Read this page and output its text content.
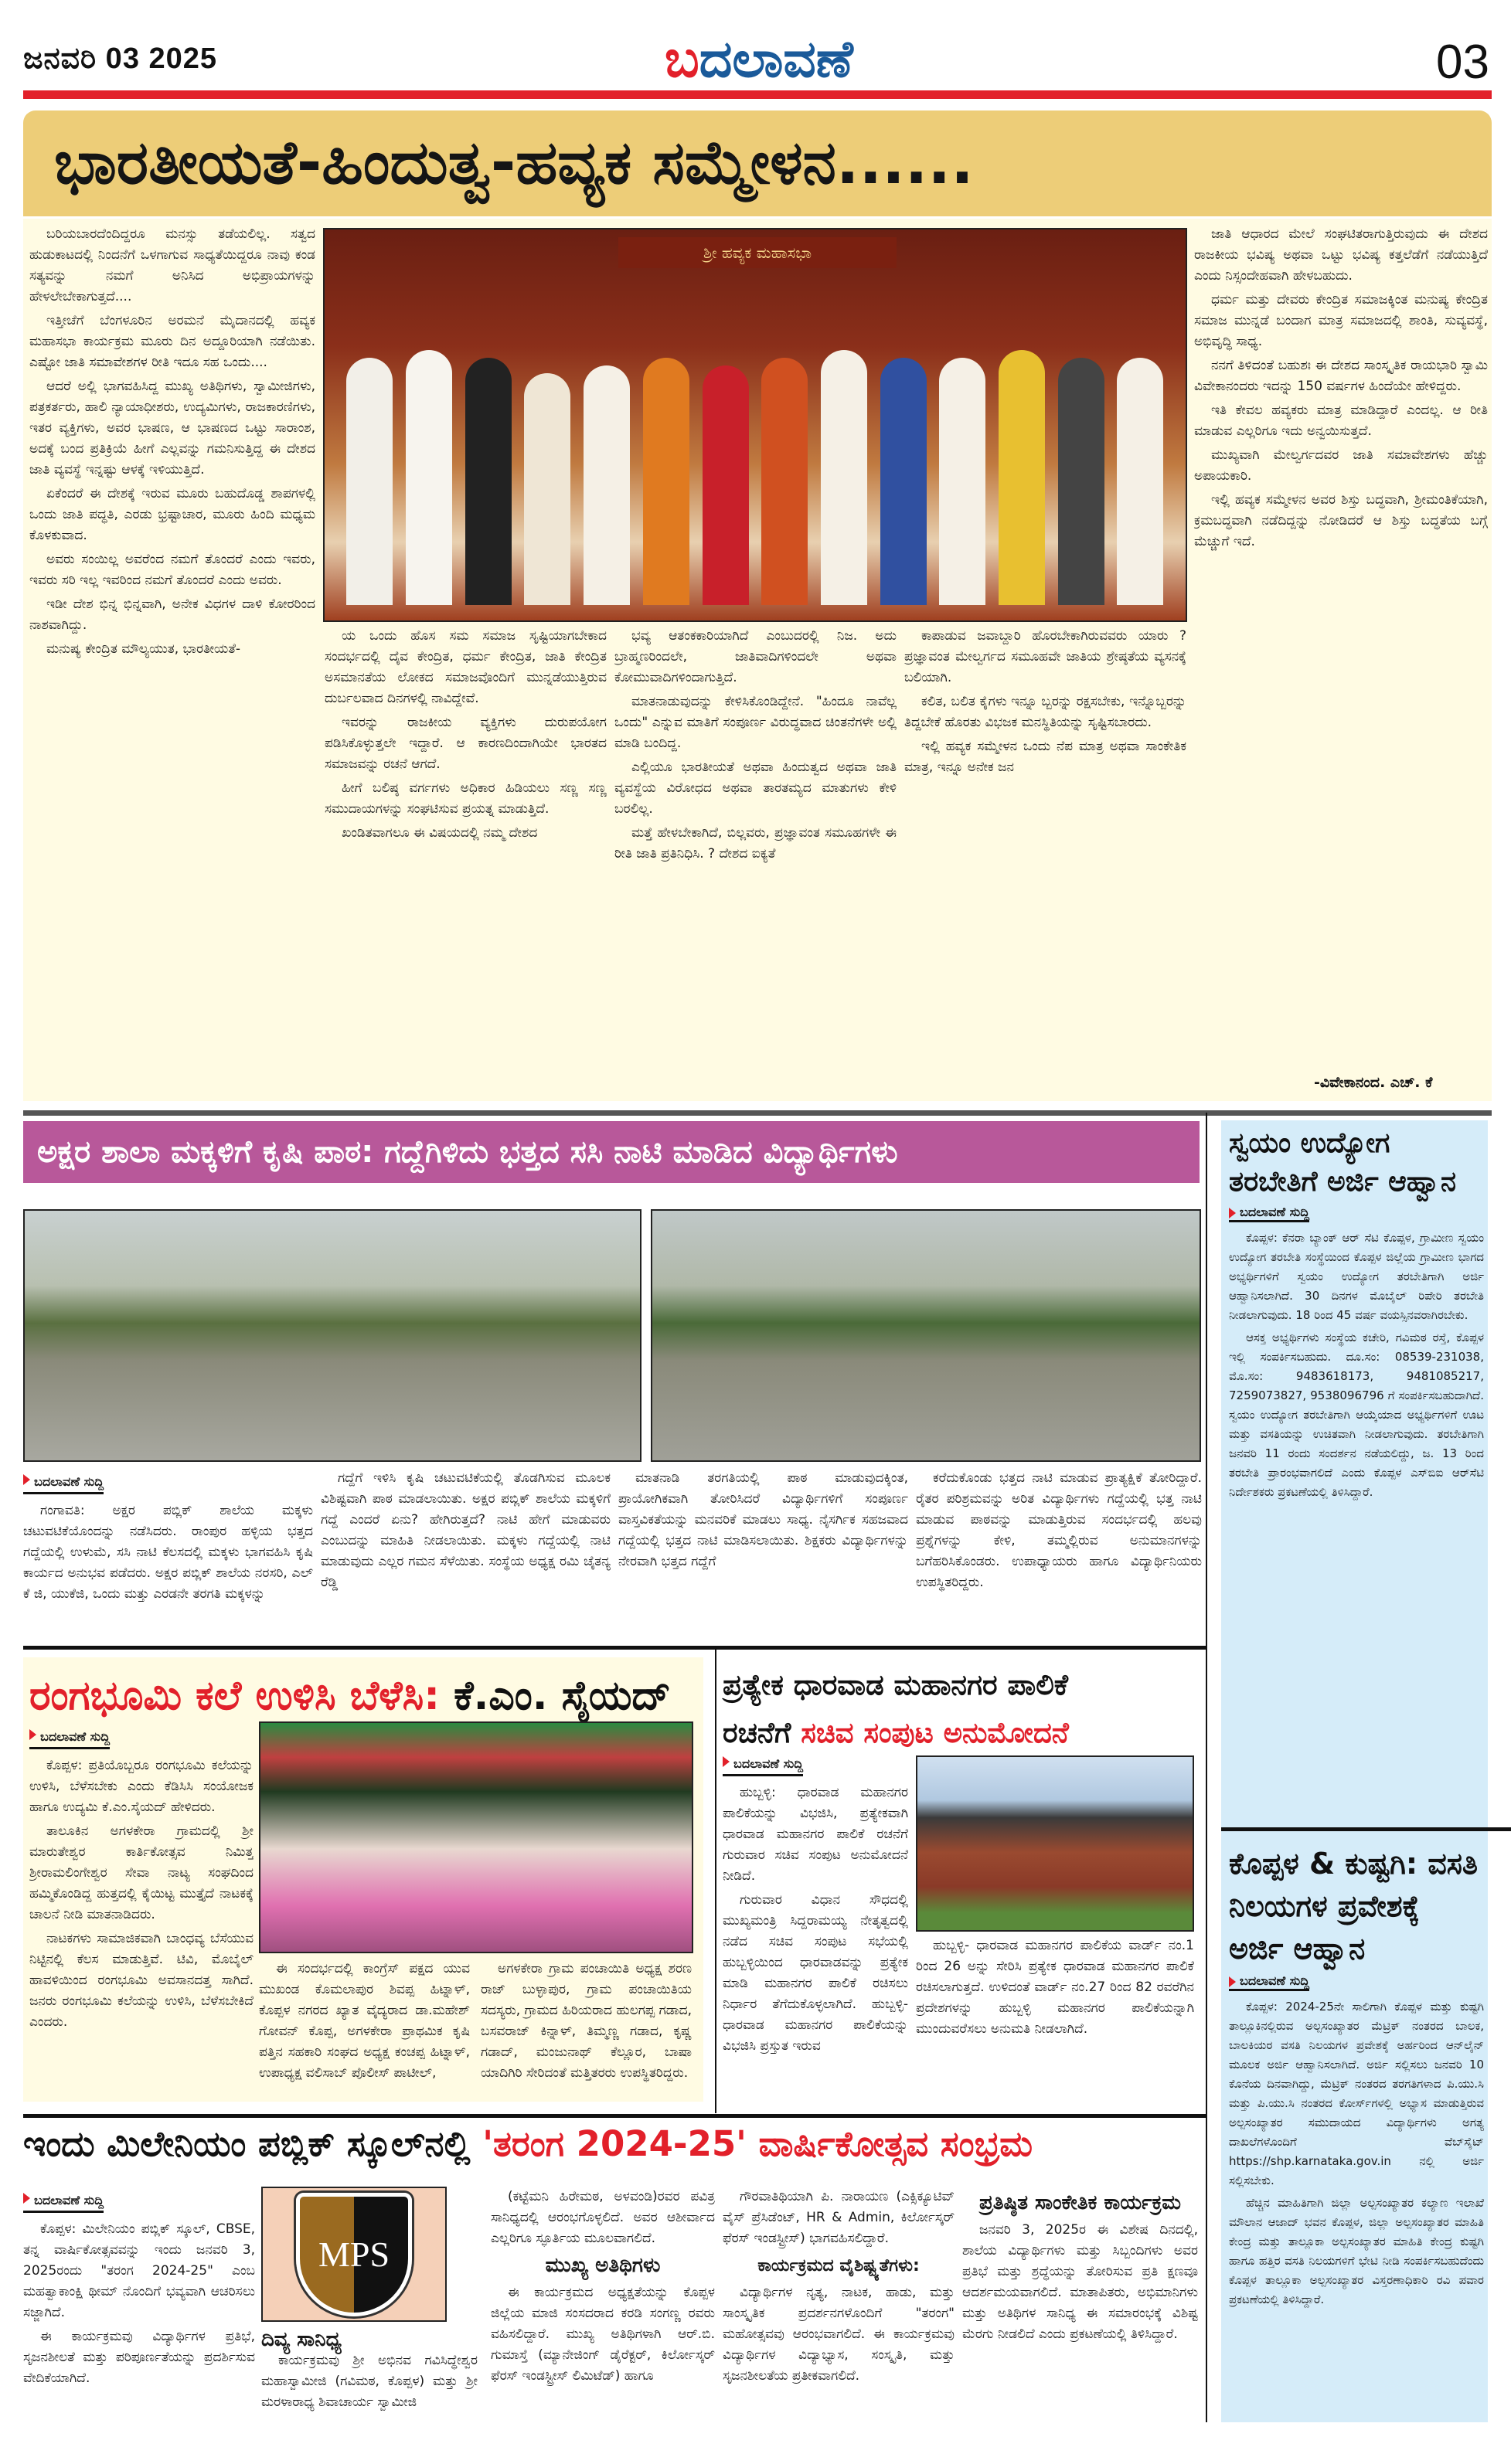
ಜನವರಿ 03 2025	ಬದಲಾವಣೆ	03
ಭಾರತೀಯತೆ-ಹಿಂದುತ್ವ-ಹವ್ಯಕ ಸಮ್ಮೇಳನ......

ಬರಿಯಬಾರದೆಂದಿದ್ದರೂ ಮನಸ್ಸು ತಡೆಯಲಿಲ್ಲ. ಸತ್ವದ ಹುಡುಕಾಟದಲ್ಲಿ ನಿಂದನೆಗೆ ಒಳಗಾಗುವ ಸಾಧ್ಯತೆಯಿದ್ದರೂ ನಾವು ಕಂಡ ಸತ್ಯವನ್ನು ನಮಗೆ ಅನಿಸಿದ ಅಭಿಪ್ರಾಯಗಳನ್ನು ಹೇಳಲೇಬೇಕಾಗುತ್ತದೆ....

ಇತ್ತೀಚೆಗೆ ಬೆಂಗಳೂರಿನ ಅರಮನೆ ಮೈದಾನದಲ್ಲಿ ಹವ್ಯಕ ಮಹಾಸಭಾ ಕಾರ್ಯಕ್ರಮ ಮೂರು ದಿನ ಅದ್ದೂರಿಯಾಗಿ ನಡೆಯಿತು. ಎಷ್ಟೋ ಜಾತಿ ಸಮಾವೇಶಗಳ ರೀತಿ ಇದೂ ಸಹ ಒಂದು....

ಆದರೆ ಅಲ್ಲಿ ಭಾಗವಹಿಸಿದ್ದ ಮುಖ್ಯ ಅತಿಥಿಗಳು, ಸ್ವಾಮೀಜಿಗಳು, ಪತ್ರಕರ್ತರು, ಹಾಲಿ ನ್ಯಾಯಾಧೀಶರು, ಉದ್ಯಮಿಗಳು, ರಾಜಕಾರಣಿಗಳು, ಇತರ ವ್ಯಕ್ತಿಗಳು, ಅವರ ಭಾಷಣ, ಆ ಭಾಷಣದ ಒಟ್ಟು ಸಾರಾಂಶ, ಅದಕ್ಕೆ ಬಂದ ಪ್ರತಿಕ್ರಿಯೆ ಹೀಗೆ ಎಲ್ಲವನ್ನು ಗಮನಿಸುತ್ತಿದ್ದ ಈ ದೇಶದ ಜಾತಿ ವ್ಯವಸ್ಥೆ ಇನ್ನಷ್ಟು ಆಳಕ್ಕೆ ಇಳಿಯುತ್ತಿದೆ.

ಏಕೆಂದರೆ ಈ ದೇಶಕ್ಕೆ ಇರುವ ಮೂರು ಬಹುದೊಡ್ಡ ಶಾಪಗಳಲ್ಲಿ ಒಂದು ಜಾತಿ ಪದ್ಧತಿ, ಎರಡು ಭ್ರಷ್ಟಾಚಾರ, ಮೂರು ಹಿಂದಿ ಮಧ್ಯಮ ಕೊಳಕುವಾದ.

ಅವರು ಸಂಯಿಲ್ಲ ಅವರೆಂದ ನಮಗೆ ತೊಂದರೆ ಎಂದು ಇವರು, ಇವರು ಸರಿ ಇಲ್ಲ ಇವರಿಂದ ನಮಗೆ ತೊಂದರೆ ಎಂದು ಅವರು.

ಇಡೀ ದೇಶ ಭಿನ್ನ ಭಿನ್ನವಾಗಿ, ಅನೇಕ ವಿಧಗಳ ದಾಳಿ ಕೋರರಿಂದ ನಾಶವಾಗಿದ್ದು.

ಮನುಷ್ಯ ಕೇಂದ್ರಿತ ಮೌಲ್ಯಯುತ, ಭಾರತೀಯತೆ-

ಶ್ರೀ ಹವ್ಯಕ ಮಹಾಸಭಾ

ಯ ಒಂದು ಹೊಸ ಸಮ ಸಮಾಜ ಸೃಷ್ಟಿಯಾಗಬೇಕಾದ ಸಂದರ್ಭದಲ್ಲಿ ದೈವ ಕೇಂದ್ರಿತ, ಧರ್ಮ ಕೇಂದ್ರಿತ, ಜಾತಿ ಕೇಂದ್ರಿತ ಅಸಮಾನತೆಯ ಲೋಕದ ಸಮಾಜವೊಂದಿಗೆ ಮುನ್ನಡೆಯುತ್ತಿರುವ ದುರ್ಬಲವಾದ ದಿನಗಳಲ್ಲಿ ನಾವಿದ್ದೇವೆ.

ಇವರನ್ನು ರಾಜಕೀಯ ವ್ಯಕ್ತಿಗಳು ದುರುಪಯೋಗ ಪಡಿಸಿಕೊಳ್ಳುತ್ತಲೇ ಇದ್ದಾರೆ. ಆ ಕಾರಣದಿಂದಾಗಿಯೇ ಭಾರತದ ಸಮಾಜವನ್ನು ರಚನೆ ಆಗದೆ.

ಹೀಗೆ ಬಲಿಷ್ಠ ವರ್ಗಗಳು ಅಧಿಕಾರ ಹಿಡಿಯಲು ಸಣ್ಣ ಸಣ್ಣ ಸಮುದಾಯಗಳನ್ನು ಸಂಘಟಿಸುವ ಪ್ರಯತ್ನ ಮಾಡುತ್ತಿದೆ.

ಖಂಡಿತವಾಗಲೂ ಈ ವಿಷಯದಲ್ಲಿ ನಮ್ಮ ದೇಶದ

ಭವ್ಯ ಆತಂಕಕಾರಿಯಾಗಿದೆ ಎಂಬುದರಲ್ಲಿ ನಿಜ. ಅದು ಬ್ರಾಹ್ಮಣರಿಂದಲೇ, ಜಾತಿವಾದಿಗಳಿಂದಲೇ ಅಥವಾ ಕೋಮುವಾದಿಗಳಿಂದಾಗುತ್ತಿದೆ.

ಮಾತನಾಡುವುದನ್ನು ಕೇಳಿಸಿಕೊಂಡಿದ್ದೇನೆ. "ಹಿಂದೂ ನಾವೆಲ್ಲ ಒಂದು" ಎನ್ನುವ ಮಾತಿಗೆ ಸಂಪೂರ್ಣ ವಿರುದ್ಧವಾದ ಚಿಂತನೆಗಳೇ ಅಲ್ಲಿ ಮಾಡಿ ಬಂದಿದ್ದ.

ಎಲ್ಲಿಯೂ ಭಾರತೀಯತೆ ಅಥವಾ ಹಿಂದುತ್ವದ ಅಥವಾ ಜಾತಿ ವ್ಯವಸ್ಥೆಯ ವಿರೋಧದ ಅಥವಾ ತಾರತಮ್ಯದ ಮಾತುಗಳು ಕೇಳಿ ಬರಲಿಲ್ಲ.

ಮತ್ತೆ ಹೇಳಬೇಕಾಗಿದೆ, ಬಿಲ್ಲವರು, ಪ್ರಜ್ಞಾವಂತ ಸಮೂಹಗಳೇ ಈ ರೀತಿ ಜಾತಿ ಪ್ರತಿನಿಧಿಸಿ. ? ದೇಶದ ಐಕ್ಯತೆ

ಕಾಪಾಡುವ ಜವಾಬ್ದಾರಿ ಹೊರಬೇಕಾಗಿರುವವರು ಯಾರು ? ಪ್ರಜ್ಞಾವಂತ ಮೇಲ್ವರ್ಗದ ಸಮೂಹವೇ ಜಾತಿಯ ಶ್ರೇಷ್ಠತೆಯ ವ್ಯಸನಕ್ಕೆ ಬಲಿಯಾಗಿ.

ಕಲಿತ, ಬಲಿತ ಕೈಗಳು ಇನ್ನೂ ಬ್ಬರನ್ನು ರಕ್ಷಸಬೇಕು, ಇನ್ನೊಬ್ಬರನ್ನು ತಿದ್ದಬೇಕೆ ಹೊರತು ವಿಭಜಕ ಮನಸ್ಥಿತಿಯನ್ನು ಸೃಷ್ಟಿಸಬಾರದು.

ಇಲ್ಲಿ ಹವ್ಯಕ ಸಮ್ಮೇಳನ ಒಂದು ನೆಪ ಮಾತ್ರ ಅಥವಾ ಸಾಂಕೇತಿಕ ಮಾತ್ರ, ಇನ್ನೂ ಅನೇಕ ಜನ

ಜಾತಿ ಆಧಾರದ ಮೇಲೆ ಸಂಘಟಿತರಾಗುತ್ತಿರುವುದು ಈ ದೇಶದ ರಾಜಕೀಯ ಭವಿಷ್ಯ ಅಥವಾ ಒಟ್ಟು ಭವಿಷ್ಯ ಕತ್ತಲೆಡೆಗೆ ನಡೆಯುತ್ತಿದೆ ಎಂದು ನಿಸ್ಸಂದೇಹವಾಗಿ ಹೇಳಬಹುದು.

ಧರ್ಮ ಮತ್ತು ದೇವರು ಕೇಂದ್ರಿತ ಸಮಾಜಕ್ಕಿಂತ ಮನುಷ್ಯ ಕೇಂದ್ರಿತ ಸಮಾಜ ಮುನ್ನಡೆ ಬಂದಾಗ ಮಾತ್ರ ಸಮಾಜದಲ್ಲಿ ಶಾಂತಿ, ಸುವ್ಯವಸ್ಥೆ, ಅಭಿವೃದ್ಧಿ ಸಾಧ್ಯ.

ನನಗೆ ತಿಳಿದಂತೆ ಬಹುಶಃ ಈ ದೇಶದ ಸಾಂಸ್ಕೃತಿಕ ರಾಯಭಾರಿ ಸ್ವಾಮಿ ವಿವೇಕಾನಂದರು ಇದನ್ನು 150 ವರ್ಷಗಳ ಹಿಂದೆಯೇ ಹೇಳಿದ್ದರು.

ಇತಿ ಕೇವಲ ಹವ್ಯಕರು ಮಾತ್ರ ಮಾಡಿದ್ದಾರೆ ಎಂದಲ್ಲ. ಆ ರೀತಿ ಮಾಡುವ ಎಲ್ಲರಿಗೂ ಇದು ಅನ್ವಯಿಸುತ್ತದೆ.

ಮುಖ್ಯವಾಗಿ ಮೇಲ್ವರ್ಗದವರ ಜಾತಿ ಸಮಾವೇಶಗಳು ಹೆಚ್ಚು ಅಪಾಯಕಾರಿ.

ಇಲ್ಲಿ ಹವ್ಯಕ ಸಮ್ಮೇಳನ ಅವರ ಶಿಸ್ತು ಬದ್ಧವಾಗಿ, ಶ್ರೀಮಂತಿಕೆಯಾಗಿ, ಕ್ರಮಬದ್ಧವಾಗಿ ನಡೆದಿದ್ದನ್ನು ನೋಡಿದರೆ ಆ ಶಿಸ್ತು ಬದ್ಧತೆಯ ಬಗ್ಗೆ ಮೆಚ್ಚುಗೆ ಇದೆ.

-ವಿವೇಕಾನಂದ. ಎಚ್. ಕೆ
ಅಕ್ಷರ ಶಾಲಾ ಮಕ್ಕಳಿಗೆ ಕೃಷಿ ಪಾಠ: ಗದ್ದೆಗಿಳಿದು ಭತ್ತದ ಸಸಿ ನಾಟಿ ಮಾಡಿದ ವಿದ್ಯಾರ್ಥಿಗಳು
ಬದಲಾವಣೆ ಸುದ್ದಿ

ಗಂಗಾವತಿ: ಅಕ್ಷರ ಪಬ್ಲಿಕ್ ಶಾಲೆಯ ಮಕ್ಕಳು ಚಟುವಟಿಕೆಯೊಂದನ್ನು ನಡೆಸಿದರು. ರಾಂಪುರ ಹಳ್ಳಿಯ ಭತ್ತದ ಗದ್ದೆಯಲ್ಲಿ ಉಳುಮೆ, ಸಸಿ ನಾಟಿ ಕೆಲಸದಲ್ಲಿ ಮಕ್ಕಳು ಭಾಗವಹಿಸಿ ಕೃಷಿ ಕಾರ್ಯದ ಅನುಭವ ಪಡೆದರು. ಅಕ್ಷರ ಪಬ್ಲಿಕ್ ಶಾಲೆಯ ನರಸರಿ, ಎಲ್ ಕೆ ಜಿ, ಯುಕೆಜಿ, ಒಂದು ಮತ್ತು ಎರಡನೇ ತರಗತಿ ಮಕ್ಕಳನ್ನು

ಗದ್ದೆಗೆ ಇಳಿಸಿ ಕೃಷಿ ಚಟುವಟಿಕೆಯಲ್ಲಿ ತೊಡಗಿಸುವ ಮೂಲಕ ವಿಶಿಷ್ಟವಾಗಿ ಪಾಠ ಮಾಡಲಾಯಿತು. ಅಕ್ಷರ ಪಬ್ಲಿಕ್ ಶಾಲೆಯ ಮಕ್ಕಳಿಗೆ ಗದ್ದೆ ಎಂದರೆ ಏನು? ಹೇಗಿರುತ್ತದೆ? ನಾಟಿ ಹೇಗೆ ಮಾಡುವರು ಎಂಬುದನ್ನು ಮಾಹಿತಿ ನೀಡಲಾಯಿತು. ಮಕ್ಕಳು ಗದ್ದೆಯಲ್ಲಿ ನಾಟಿ ಮಾಡುವುದು ಎಲ್ಲರ ಗಮನ ಸೆಳೆಯಿತು. ಸಂಸ್ಥೆಯ ಅಧ್ಯಕ್ಷ ರಮಿ ಚೈತನ್ಯ ರೆಡ್ಡಿ

ಮಾತನಾಡಿ ತರಗತಿಯಲ್ಲಿ ಪಾಠ ಮಾಡುವುದಕ್ಕಿಂತ, ಪ್ರಾಯೋಗಿಕವಾಗಿ ತೋರಿಸಿದರೆ ವಿದ್ಯಾರ್ಥಿಗಳಿಗೆ ಸಂಪೂರ್ಣ ವಾಸ್ತವಿಕತೆಯನ್ನು ಮನವರಿಕೆ ಮಾಡಲು ಸಾಧ್ಯ. ನೈಸರ್ಗಿಕ ಸಹಜವಾದ ಗದ್ದೆಯಲ್ಲಿ ಭತ್ತದ ನಾಟಿ ಮಾಡಿಸಲಾಯಿತು. ಶಿಕ್ಷಕರು ವಿದ್ಯಾರ್ಥಿಗಳನ್ನು ನೇರವಾಗಿ ಭತ್ತದ ಗದ್ದೆಗೆ

ಕರೆದುಕೊಂಡು ಭತ್ತದ ನಾಟಿ ಮಾಡುವ ಪ್ರಾತ್ಯಕ್ಷಿಕೆ ತೋರಿದ್ದಾರೆ. ರೈತರ ಪರಿಶ್ರಮವನ್ನು ಅರಿತ ವಿದ್ಯಾರ್ಥಿಗಳು ಗದ್ದೆಯಲ್ಲಿ ಭತ್ತ ನಾಟಿ ಮಾಡುವ ಪಾಠವನ್ನು ಮಾಡುತ್ತಿರುವ ಸಂದರ್ಭದಲ್ಲಿ ಹಲವು ಪ್ರಶ್ನೆಗಳನ್ನು ಕೇಳಿ, ತಮ್ಮಲ್ಲಿರುವ ಅನುಮಾನಗಳನ್ನು ಬಗೆಹರಿಸಿಕೊಂಡರು. ಉಪಾಧ್ಯಾಯರು ಹಾಗೂ ವಿದ್ಯಾರ್ಥಿನಿಯರು ಉಪಸ್ಥಿತರಿದ್ದರು.

ಸ್ವಯಂ ಉದ್ಯೋಗ ತರಬೇತಿಗೆ ಅರ್ಜಿ ಆಹ್ವಾನ
ಬದಲಾವಣೆ ಸುದ್ದಿ

ಕೊಪ್ಪಳ: ಕೆನರಾ ಬ್ಯಾಂಕ್ ಆರ್ ಸೆಟಿ ಕೊಪ್ಪಳ, ಗ್ರಾಮೀಣ ಸ್ವಯಂ ಉದ್ಯೋಗ ತರಬೇತಿ ಸಂಸ್ಥೆಯಿಂದ ಕೊಪ್ಪಳ ಜಿಲ್ಲೆಯ ಗ್ರಾಮೀಣ ಭಾಗದ ಅಭ್ಯರ್ಥಿಗಳಿಗೆ ಸ್ವಯಂ ಉದ್ಯೋಗ ತರಬೇತಿಗಾಗಿ ಅರ್ಜಿ ಆಹ್ವಾನಿಸಲಾಗಿದೆ. 30 ದಿನಗಳ ಮೊಬೈಲ್ ರಿಪೇರಿ ತರಬೇತಿ ನೀಡಲಾಗುವುದು. 18 ರಿಂದ 45 ವರ್ಷ ವಯಸ್ಸಿನವರಾಗಿರಬೇಕು.

ಆಸಕ್ತ ಅಭ್ಯರ್ಥಿಗಳು ಸಂಸ್ಥೆಯ ಕಚೇರಿ, ಗವಿಮಠ ರಸ್ತೆ, ಕೊಪ್ಪಳ ಇಲ್ಲಿ ಸಂಪರ್ಕಿಸಬಹುದು. ದೂ.ಸಂ: 08539-231038, ಮೊ.ಸಂ: 9483618173, 9481085217, 7259073827, 9538096796 ಗೆ ಸಂಪರ್ಕಿಸಬಹುದಾಗಿದೆ. ಸ್ವಯಂ ಉದ್ಯೋಗ ತರಬೇತಿಗಾಗಿ ಆಯ್ಕೆಯಾದ ಅಭ್ಯರ್ಥಿಗಳಿಗೆ ಊಟ ಮತ್ತು ವಸತಿಯನ್ನು ಉಚಿತವಾಗಿ ನೀಡಲಾಗುವುದು. ತರಬೇತಿಗಾಗಿ ಜನವರಿ 11 ರಂದು ಸಂದರ್ಶನ ನಡೆಯಲಿದ್ದು, ಜ. 13 ರಿಂದ ತರಬೇತಿ ಪ್ರಾರಂಭವಾಗಲಿದೆ ಎಂದು ಕೊಪ್ಪಳ ಎಸ್‌ಬಿಐ ಆರ್‌ಸೆಟಿ ನಿರ್ದೇಶಕರು ಪ್ರಕಟಣೆಯಲ್ಲಿ ತಿಳಿಸಿದ್ದಾರೆ.

ಕೊಪ್ಪಳ & ಕುಷ್ಟಗಿ: ವಸತಿ ನಿಲಯಗಳ ಪ್ರವೇಶಕ್ಕೆ ಅರ್ಜಿ ಆಹ್ವಾನ
ಬದಲಾವಣೆ ಸುದ್ದಿ

ಕೊಪ್ಪಳ: 2024-25ನೇ ಸಾಲಿಗಾಗಿ ಕೊಪ್ಪಳ ಮತ್ತು ಕುಷ್ಟಗಿ ತಾಲ್ಲೂಕಿನಲ್ಲಿರುವ ಅಲ್ಪಸಂಖ್ಯಾತರ ಮೆಟ್ರಿಕ್ ನಂತರದ ಬಾಲಕ, ಬಾಲಕಿಯರ ವಸತಿ ನಿಲಯಗಳ ಪ್ರವೇಶಕ್ಕೆ ಅರ್ಹರಿಂದ ಆನ್‌ಲೈನ್ ಮೂಲಕ ಅರ್ಜಿ ಆಹ್ವಾನಿಸಲಾಗಿದೆ. ಅರ್ಜಿ ಸಲ್ಲಿಸಲು ಜನವರಿ 10 ಕೊನೆಯ ದಿನವಾಗಿದ್ದು, ಮೆಟ್ರಿಕ್ ನಂತರದ ತರಗತಿಗಳಾದ ಪಿ.ಯು.ಸಿ ಮತ್ತು ಪಿ.ಯು.ಸಿ ನಂತರದ ಕೋರ್ಸ್‌ಗಳಲ್ಲಿ ಅಭ್ಯಾಸ ಮಾಡುತ್ತಿರುವ ಅಲ್ಪಸಂಖ್ಯಾತರ ಸಮುದಾಯದ ವಿದ್ಯಾರ್ಥಿಗಳು ಅಗತ್ಯ ದಾಖಲೆಗಳೊಂದಿಗೆ ವೆಬ್‌ಸೈಟ್ https://shp.karnataka.gov.in ನಲ್ಲಿ ಅರ್ಜಿ ಸಲ್ಲಿಸಬೇಕು.

ಹೆಚ್ಚಿನ ಮಾಹಿತಿಗಾಗಿ ಜಿಲ್ಲಾ ಅಲ್ಪಸಂಖ್ಯಾತರ ಕಲ್ಯಾಣ ಇಲಾಖೆ ಮೌಲಾನ ಆಜಾದ್ ಭವನ ಕೊಪ್ಪಳ, ಜಿಲ್ಲಾ ಅಲ್ಪಸಂಖ್ಯಾತರ ಮಾಹಿತಿ ಕೇಂದ್ರ ಮತ್ತು ತಾಲ್ಲೂಕಾ ಅಲ್ಪಸಂಖ್ಯಾತರ ಮಾಹಿತಿ ಕೇಂದ್ರ ಕುಷ್ಟಗಿ ಹಾಗೂ ಹತ್ತಿರ ವಸತಿ ನಿಲಯಗಳಿಗೆ ಭೇಟಿ ನೀಡಿ ಸಂಪರ್ಕಿಸಬಹುದೆಂದು ಕೊಪ್ಪಳ ತಾಲ್ಲೂಕಾ ಅಲ್ಪಸಂಖ್ಯಾತರ ವಿಸ್ತರಣಾಧಿಕಾರಿ ರವಿ ಪವಾರ ಪ್ರಕಟಣೆಯಲ್ಲಿ ತಿಳಿಸಿದ್ದಾರೆ.

ರಂಗಭೂಮಿ ಕಲೆ ಉಳಿಸಿ ಬೆಳೆಸಿ: ಕೆ.ಎಂ. ಸೈಯದ್
ಬದಲಾವಣೆ ಸುದ್ದಿ

ಕೊಪ್ಪಳ: ಪ್ರತಿಯೊಬ್ಬರೂ ರಂಗಭೂಮಿ ಕಲೆಯನ್ನು ಉಳಿಸಿ, ಬೆಳೆಸಬೇಕು ಎಂದು ಕೆಡಿಸಿಸಿ ಸಂಯೋಜಕ ಹಾಗೂ ಉದ್ಯಮಿ ಕೆ.ಎಂ.ಸೈಯದ್ ಹೇಳಿದರು.

ತಾಲೂಕಿನ ಅಗಳಕೇರಾ ಗ್ರಾಮದಲ್ಲಿ ಶ್ರೀ ಮಾರುತೇಶ್ವರ ಕಾರ್ತಿಕೋತ್ಸವ ನಿಮಿತ್ತ ಶ್ರೀರಾಮಲಿಂಗೇಶ್ವರ ಸೇವಾ ನಾಟ್ಯ ಸಂಘದಿಂದ ಹಮ್ಮಿಕೊಂಡಿದ್ದ ಹುತ್ತದಲ್ಲಿ ಕೈಯಿಟ್ಟ ಮುತ್ತೈದೆ ನಾಟಕಕ್ಕೆ ಚಾಲನೆ ನೀಡಿ ಮಾತನಾಡಿದರು.

ನಾಟಕಗಳು ಸಾಮಾಜಿಕವಾಗಿ ಬಾಂಧವ್ಯ ಬೆಸೆಯುವ ನಿಟ್ಟಿನಲ್ಲಿ ಕೆಲಸ ಮಾಡುತ್ತಿವೆ. ಟಿವಿ, ಮೊಬೈಲ್ ಹಾವಳಿಯಿಂದ ರಂಗಭೂಮಿ ಅವಸಾನದತ್ತ ಸಾಗಿದೆ. ಜನರು ರಂಗಭೂಮಿ ಕಲೆಯನ್ನು ಉಳಿಸಿ, ಬೆಳೆಸಬೇಕಿದೆ ಎಂದರು.

ಈ ಸಂದರ್ಭದಲ್ಲಿ ಕಾಂಗ್ರೆಸ್ ಪಕ್ಷದ ಯುವ ಮುಖಂಡ ಕೊಮಲಾಪುರ ಶಿವಪ್ಪ ಹಿಟ್ನಾಳ್, ಕೊಪ್ಪಳ ನಗರದ ಖ್ಯಾತ ವೈದ್ಯರಾದ ಡಾ.ಮಹೇಶ್ ಗೋವನ್ ಕೊಪ್ಪ, ಅಗಳಕೇರಾ ಪ್ರಾಥಮಿಕ ಕೃಷಿ ಪತ್ತಿನ ಸಹಕಾರಿ ಸಂಘದ ಅಧ್ಯಕ್ಷ ಕಂಚಪ್ಪ ಹಿಟ್ನಾಳ್, ಉಪಾಧ್ಯಕ್ಷ ವಲಿಸಾಬ್ ಪೊಲೀಸ್ ಪಾಟೀಲ್,

ಅಗಳಕೇರಾ ಗ್ರಾಮ ಪಂಚಾಯಿತಿ ಅಧ್ಯಕ್ಷ ಶರಣ ರಾಜ್ ಬುಳ್ಳಾಪುರ, ಗ್ರಾಮ ಪಂಚಾಯಿತಿಯ ಸದಸ್ಯರು, ಗ್ರಾಮದ ಹಿರಿಯರಾದ ಹುಲಗಪ್ಪ ಗಡಾದ, ಬಸವರಾಜ್ ಕಿನ್ನಾಳ್, ತಿಮ್ಮಣ್ಣ ಗಡಾದ, ಕೃಷ್ಣ ಗಡಾದ್, ಮಂಜುನಾಥ್ ಕೆಲ್ಲೂರ, ಬಾಷಾ ಯಾದಿಗಿರಿ ಸೇರಿದಂತೆ ಮತ್ತಿತರರು ಉಪಸ್ಥಿತರಿದ್ದರು.

ಪ್ರತ್ಯೇಕ ಧಾರವಾಡ ಮಹಾನಗರ ಪಾಲಿಕೆ
ರಚನೆಗೆ ಸಚಿವ ಸಂಪುಟ ಅನುಮೋದನೆ
ಬದಲಾವಣೆ ಸುದ್ದಿ

ಹುಬ್ಬಳ್ಳಿ: ಧಾರವಾಡ ಮಹಾನಗರ ಪಾಲಿಕೆಯನ್ನು ವಿಭಜಿಸಿ, ಪ್ರತ್ಯೇಕವಾಗಿ ಧಾರವಾಡ ಮಹಾನಗರ ಪಾಲಿಕೆ ರಚನೆಗೆ ಗುರುವಾರ ಸಚಿವ ಸಂಪುಟ ಅನುಮೋದನೆ ನೀಡಿದೆ.

ಗುರುವಾರ ವಿಧಾನ ಸೌಧದಲ್ಲಿ ಮುಖ್ಯಮಂತ್ರಿ ಸಿದ್ದರಾಮಯ್ಯ ನೇತೃತ್ವದಲ್ಲಿ ನಡೆದ ಸಚಿವ ಸಂಪುಟ ಸಭೆಯಲ್ಲಿ ಹುಬ್ಬಳ್ಳಿಯಿಂದ ಧಾರವಾಡವನ್ನು ಪ್ರತ್ಯೇಕ ಮಾಡಿ ಮಹಾನಗರ ಪಾಲಿಕೆ ರಚಿಸಲು ನಿರ್ಧಾರ ತೆಗೆದುಕೊಳ್ಳಲಾಗಿದೆ. ಹುಬ್ಬಳ್ಳಿ-ಧಾರವಾಡ ಮಹಾನಗರ ಪಾಲಿಕೆಯನ್ನು ವಿಭಜಿಸಿ ಪ್ರಸ್ತುತ ಇರುವ

ಹುಬ್ಬಳ್ಳಿ- ಧಾರವಾಡ ಮಹಾನಗರ ಪಾಲಿಕೆಯ ವಾರ್ಡ್ ನಂ.1 ರಿಂದ 26 ಅನ್ನು ಸೇರಿಸಿ ಪ್ರತ್ಯೇಕ ಧಾರವಾಡ ಮಹಾನಗರ ಪಾಲಿಕೆ ರಚಿಸಲಾಗುತ್ತದೆ. ಉಳಿದಂತೆ ವಾರ್ಡ್ ನಂ.27 ರಿಂದ 82 ರವರೆಗಿನ ಪ್ರದೇಶಗಳನ್ನು ಹುಬ್ಬಳ್ಳಿ ಮಹಾನಗರ ಪಾಲಿಕೆಯನ್ನಾಗಿ ಮುಂದುವರೆಸಲು ಅನುಮತಿ ನೀಡಲಾಗಿದೆ.

ಇಂದು ಮಿಲೇನಿಯಂ ಪಬ್ಲಿಕ್ ಸ್ಕೂಲ್‌ನಲ್ಲಿ 'ತರಂಗ 2024-25' ವಾರ್ಷಿಕೋತ್ಸವ ಸಂಭ್ರಮ
ಬದಲಾವಣೆ ಸುದ್ದಿ

ಕೊಪ್ಪಳ: ಮಿಲೇನಿಯಂ ಪಬ್ಲಿಕ್ ಸ್ಕೂಲ್, CBSE, ತನ್ನ ವಾರ್ಷಿಕೋತ್ಸವವನ್ನು ಇಂದು ಜನವರಿ 3, 2025ರಂದು "ತರಂಗ 2024-25" ಎಂಬ ಮಹತ್ವಾಕಾಂಕ್ಷಿ ಥೀಮ್ ನೊಂದಿಗೆ ಭವ್ಯವಾಗಿ ಆಚರಿಸಲು ಸಜ್ಜಾಗಿದೆ.

ಈ ಕಾರ್ಯಕ್ರಮವು ವಿದ್ಯಾರ್ಥಿಗಳ ಪ್ರತಿಭೆ, ಸೃಜನಶೀಲತೆ ಮತ್ತು ಪರಿಪೂರ್ಣತೆಯನ್ನು ಪ್ರದರ್ಶಿಸುವ ವೇದಿಕೆಯಾಗಿದೆ.

MPS
ದಿವ್ಯ ಸಾನಿಧ್ಯ

ಕಾರ್ಯಕ್ರಮವು ಶ್ರೀ ಅಭಿನವ ಗವಿಸಿದ್ಧೇಶ್ವರ ಮಹಾಸ್ವಾಮೀಜಿ (ಗವಿಮಠ, ಕೊಪ್ಪಳ) ಮತ್ತು ಶ್ರೀ ಮರಳಾರಾಧ್ಯ ಶಿವಾಚಾರ್ಯ ಸ್ವಾಮೀಜಿ

(ಕಟ್ಟೆಮನಿ ಹಿರೇಮಠ, ಅಳವಂಡಿ)ರವರ ಪವಿತ್ರ ಸಾನಿಧ್ಯದಲ್ಲಿ ಆರಂಭಗೊಳ್ಳಲಿದೆ. ಅವರ ಆಶೀರ್ವಾದ ಎಲ್ಲರಿಗೂ ಸ್ಫೂರ್ತಿಯ ಮೂಲವಾಗಲಿದೆ.

ಮುಖ್ಯ ಅತಿಥಿಗಳು

ಈ ಕಾರ್ಯಕ್ರಮದ ಅಧ್ಯಕ್ಷತೆಯನ್ನು ಕೊಪ್ಪಳ ಜಿಲ್ಲೆಯ ಮಾಜಿ ಸಂಸದರಾದ ಕರಡಿ ಸಂಗಣ್ಣ ರವರು ವಹಿಸಲಿದ್ದಾರೆ. ಮುಖ್ಯ ಅತಿಥಿಗಳಾಗಿ ಆರ್.ಬಿ. ಗುಮಾಸ್ತೆ (ಮ್ಯಾನೇಜಿಂಗ್ ಡೈರೆಕ್ಟರ್, ಕಿರ್ಲೋಸ್ಕರ್ ಫೆರಸ್ ಇಂಡಸ್ಟ್ರೀಸ್ ಲಿಮಿಟೆಡ್) ಹಾಗೂ

ಗೌರವಾತಿಥಿಯಾಗಿ ಪಿ. ನಾರಾಯಣ (ಎಕ್ಸಿಕ್ಯೂಟಿವ್ ವೈಸ್ ಪ್ರೆಸಿಡೆಂಟ್, HR & Admin, ಕಿರ್ಲೋಸ್ಕರ್ ಫೆರಸ್ ಇಂಡಸ್ಟ್ರೀಸ್) ಭಾಗವಹಿಸಲಿದ್ದಾರೆ.

ಕಾರ್ಯಕ್ರಮದ ವೈಶಿಷ್ಟ್ಯತೆಗಳು:

ವಿದ್ಯಾರ್ಥಿಗಳ ನೃತ್ಯ, ನಾಟಕ, ಹಾಡು, ಮತ್ತು ಸಾಂಸ್ಕೃತಿಕ ಪ್ರದರ್ಶನಗಳೊಂದಿಗೆ "ತರಂಗ" ಮಹೋತ್ಸವವು ಆರಂಭವಾಗಲಿದೆ. ಈ ಕಾರ್ಯಕ್ರಮವು ವಿದ್ಯಾರ್ಥಿಗಳ ವಿದ್ಯಾಭ್ಯಾಸ, ಸಂಸ್ಕೃತಿ, ಮತ್ತು ಸೃಜನಶೀಲತೆಯ ಪ್ರತೀಕವಾಗಲಿದೆ.

ಪ್ರತಿಷ್ಠಿತ ಸಾಂಕೇತಿಕ ಕಾರ್ಯಕ್ರಮ

ಜನವರಿ 3, 2025ರ ಈ ವಿಶೇಷ ದಿನದಲ್ಲಿ, ಶಾಲೆಯ ವಿದ್ಯಾರ್ಥಿಗಳು ಮತ್ತು ಸಿಬ್ಬಂದಿಗಳು ಅವರ ಪ್ರತಿಭೆ ಮತ್ತು ಶ್ರದ್ಧೆಯನ್ನು ತೋರಿಸುವ ಪ್ರತಿ ಕ್ಷಣವೂ ಆದರ್ಶಮಯವಾಗಲಿದೆ. ಮಾತಾಪಿತರು, ಅಭಿಮಾನಿಗಳು ಮತ್ತು ಅತಿಥಿಗಳ ಸಾನಿಧ್ಯ ಈ ಸಮಾರಂಭಕ್ಕೆ ವಿಶಿಷ್ಟ ಮೆರಗು ನೀಡಲಿದೆ ಎಂದು ಪ್ರಕಟಣೆಯಲ್ಲಿ ತಿಳಿಸಿದ್ದಾರೆ.
